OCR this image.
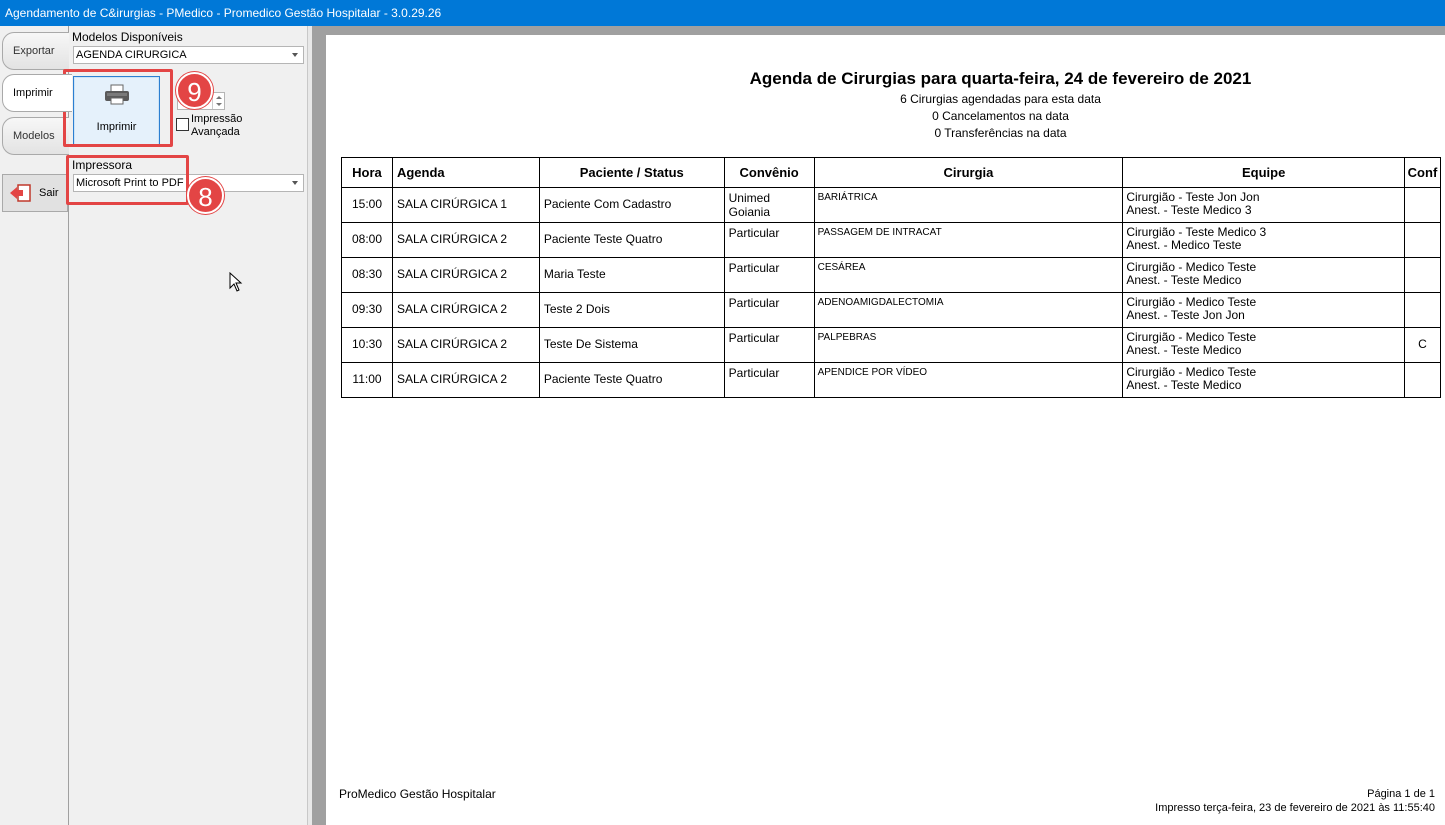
Agendamento de C&irurgias - PMedico - Promedico Gestão Hospitalar - 3.0.29.26
Exportar
Imprimir
Modelos
Sair
Modelos Disponíveis
AGENDA CIRURGICA
Imprimir
Impressão
Avançada
Impressora
Microsoft Print to PDF
9
8
Agenda de Cirurgias para quarta-feira, 24 de fevereiro de 2021
6 Cirurgias agendadas para esta data
0 Cancelamentos na data
0 Transferências na data
Hora	Agenda	Paciente / Status	Convênio	Cirurgia	Equipe	Conf
15:00	SALA CIRÚRGICA 1	Paciente Com Cadastro	Unimed Goiania	BARIÁTRICA	Cirurgião - Teste Jon Jon
Anest. - Teste Medico 3	

08:00	SALA CIRÚRGICA 2	Paciente Teste Quatro	Particular	PASSAGEM DE INTRACAT	Cirurgião - Teste Medico 3
Anest. - Medico Teste	

08:30	SALA CIRÚRGICA 2	Maria Teste	Particular	CESÁREA	Cirurgião - Medico Teste
Anest. - Teste Medico	

09:30	SALA CIRÚRGICA 2	Teste 2 Dois	Particular	ADENOAMIGDALECTOMIA	Cirurgião - Medico Teste
Anest. - Teste Jon Jon	

10:30	SALA CIRÚRGICA 2	Teste De Sistema	Particular	PALPEBRAS	Cirurgião - Medico Teste
Anest. - Teste Medico	C
11:00	SALA CIRÚRGICA 2	Paciente Teste Quatro	Particular	APENDICE POR VÍDEO	Cirurgião - Medico Teste
Anest. - Teste Medico	

ProMedico Gestão Hospitalar	Página 1 de 1
Impresso terça-feira, 23 de fevereiro de 2021 às 11:55:40
